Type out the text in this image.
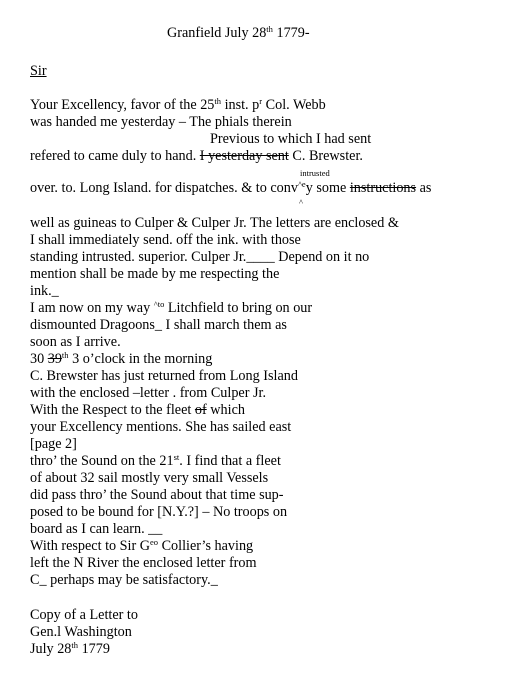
Granfield July 28th 1779-
Sir
Your Excellency, favor of the 25th inst. $p^r$ Col. Webb
was handed me yesterday – The phials therein
Previous to which I had sent
refered to came duly to hand. I yesterday sent C. Brewster.
intrusted
over. to. Long Island. for dispatches. & to conv$^{\^{}e}$y some instructions as
^
well as guineas to Culper & Culper Jr. The letters are enclosed &
I shall immediately send. off the ink. with those
standing intrusted. superior. Culper Jr.____ Depend on it no
mention shall be made by me respecting the
ink._
I am now on my way $^{\^{}to}$ Litchfield to bring on our
dismounted Dragoons_ I shall march them as
soon as I arrive.
30 39th 3 o’clock in the morning
C. Brewster has just returned from Long Island
with the enclosed –letter . from Culper Jr.
With the Respect to the fleet of which
your Excellency mentions. She has sailed east
[page 2]
thro’ the Sound on the 21st. I find that a fleet
of about 32 sail mostly very small Vessels
did pass thro’ the Sound about that time sup-
posed to be bound for [N.Y.?] – No troops on
board as I can learn. __
With respect to Sir $G^{eo}$ Collier’s having
left the N River the enclosed letter from
C_ perhaps may be satisfactory._
Copy of a Letter to
Gen.l Washington
July 28th 1779
